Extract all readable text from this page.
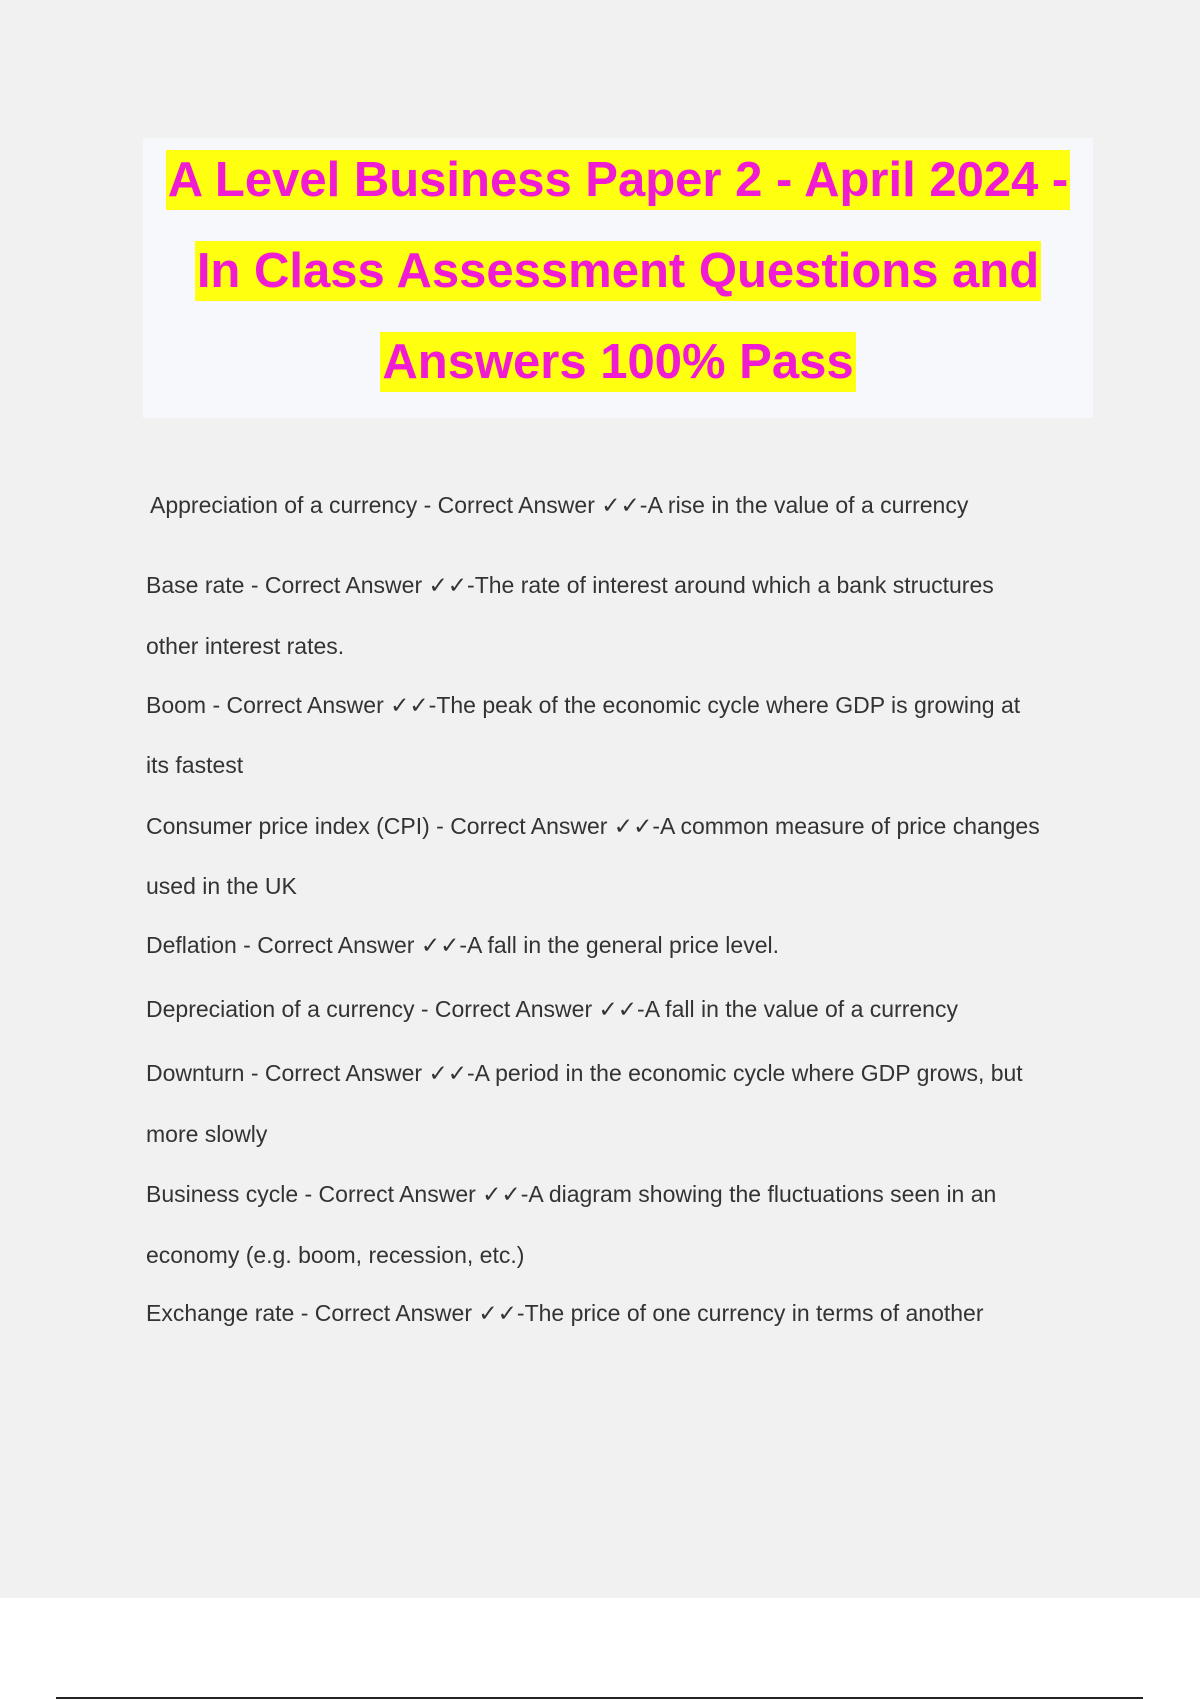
A Level Business Paper 2 - April 2024 -
In Class Assessment Questions and
Answers 100% Pass
Appreciation of a currency - Correct Answer ✓✓-A rise in the value of a currency
Base rate - Correct Answer ✓✓-The rate of interest around which a bank structures
other interest rates.
Boom - Correct Answer ✓✓-The peak of the economic cycle where GDP is growing at
its fastest
Consumer price index (CPI) - Correct Answer ✓✓-A common measure of price changes
used in the UK
Deflation - Correct Answer ✓✓-A fall in the general price level.
Depreciation of a currency - Correct Answer ✓✓-A fall in the value of a currency
Downturn - Correct Answer ✓✓-A period in the economic cycle where GDP grows, but
more slowly
Business cycle - Correct Answer ✓✓-A diagram showing the fluctuations seen in an
economy (e.g. boom, recession, etc.)
Exchange rate - Correct Answer ✓✓-The price of one currency in terms of another
